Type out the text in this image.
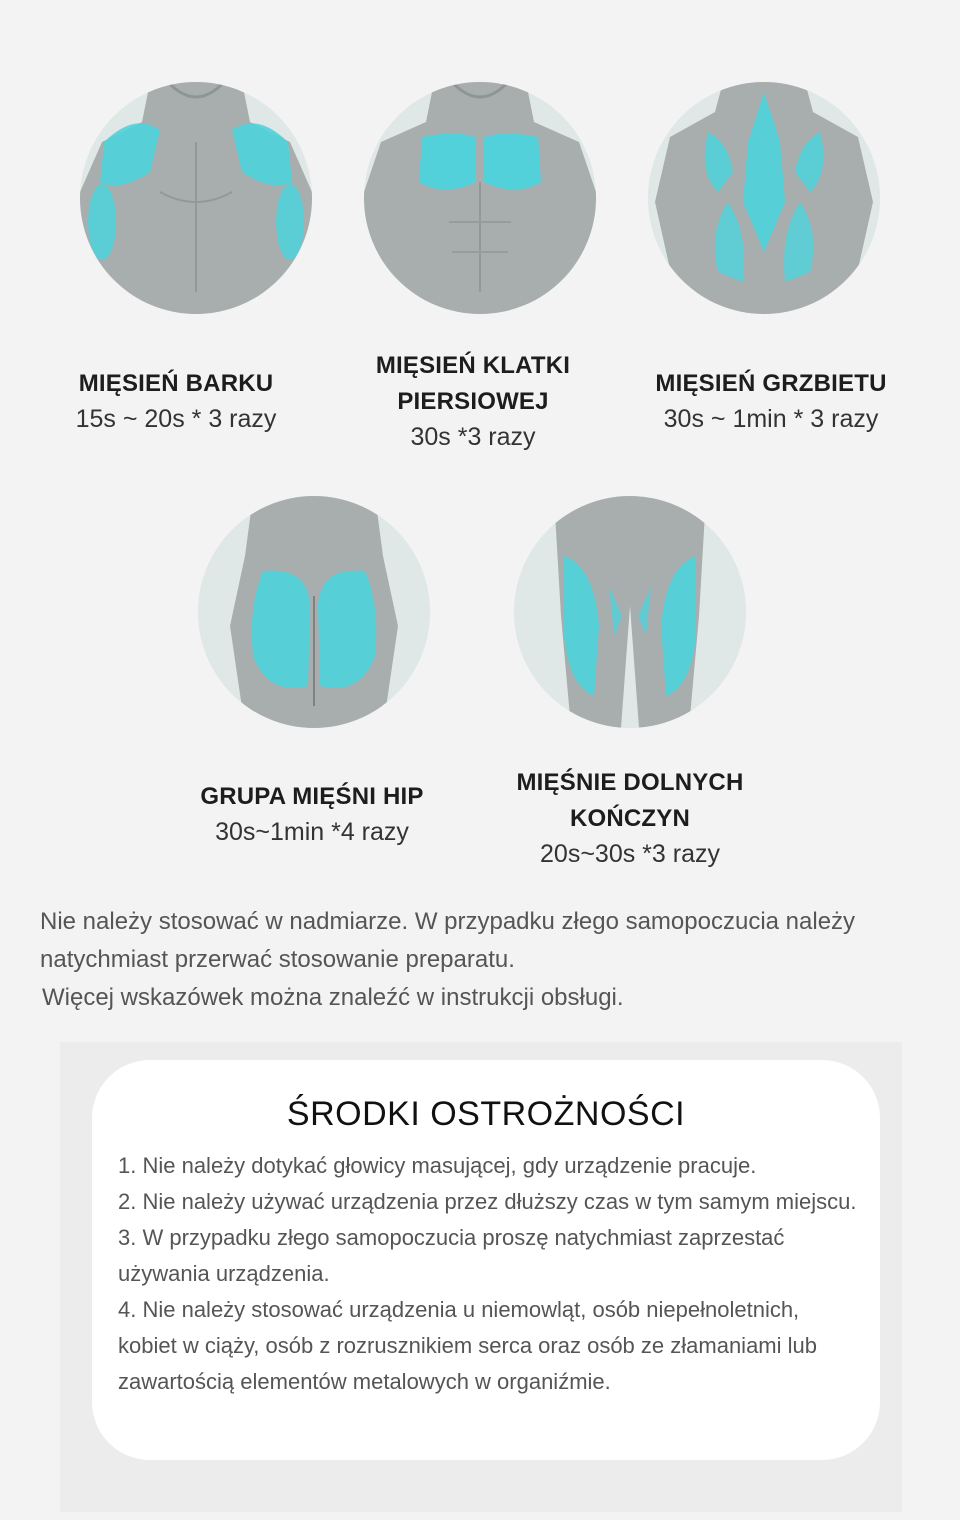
MIĘSIEŃ BARKU
15s ~ 20s * 3 razy
MIĘSIEŃ KLATKI
PIERSIOWEJ
30s *3 razy
MIĘSIEŃ GRZBIETU
30s ~ 1min * 3 razy
GRUPA MIĘŚNI HIP
30s~1min *4 razy
MIĘŚNIE DOLNYCH
KOŃCZYN
20s~30s *3 razy

Nie należy stosować w nadmiarze. W przypadku złego samopoczucia należy

natychmiast przerwać stosowanie preparatu.

Więcej wskazówek można znaleźć w instrukcji obsługi.

ŚRODKI OSTROŻNOŚCI
1. Nie należy dotykać głowicy masującej, gdy urządzenie pracuje.
2. Nie należy używać urządzenia przez dłuższy czas w tym samym miejscu.
3. W przypadku złego samopoczucia proszę natychmiast zaprzestać używania urządzenia.
4. Nie należy stosować urządzenia u niemowląt, osób niepełnoletnich, kobiet w ciąży, osób z rozrusznikiem serca oraz osób ze złamaniami lub zawartością elementów metalowych w organiźmie.
